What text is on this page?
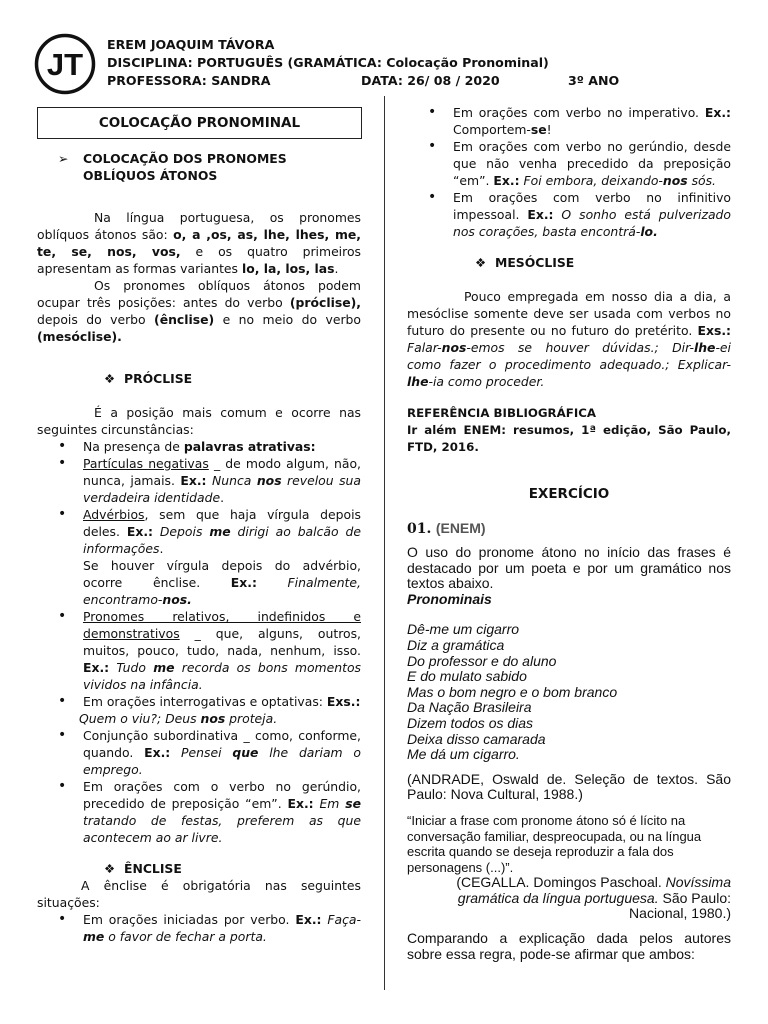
JT
EREM JOAQUIM TÁVORA
DISCIPLINA: PORTUGUÊS (GRAMÁTICA: Colocação Pronominal)
PROFESSORA: SANDRA	DATA: 26/ 08 / 2020	3º ANO
COLOCAÇÃO PRONOMINAL
➢ COLOCAÇÃO DOS PRONOMES OBLÍQUOS ÁTONOS

Na língua portuguesa, os pronomes oblíquos átonos são: o, a ,os, as, lhe, lhes, me, te, se, nos, vos, e os quatro primeiros apresentam as formas variantes lo, la, los, las.

Os pronomes oblíquos átonos podem ocupar três posições: antes do verbo (próclise), depois do verbo (ênclise) e no meio do verbo (mesóclise).

❖ PRÓCLISE

É a posição mais comum e ocorre nas seguintes circunstâncias:

• Na presença de palavras atrativas:
• Partículas negativas _ de modo algum, não, nunca, jamais. Ex.: Nunca nos revelou sua verdadeira identidade.
• Advérbios, sem que haja vírgula depois deles. Ex.: Depois me dirigi ao balcão de informações.

Se houver vírgula depois do advérbio, ocorre ênclise. Ex.: Finalmente, encontramo-nos.

• Pronomes relativos, indefinidos e demonstrativos _ que, alguns, outros, muitos, pouco, tudo, nada, nenhum, isso. Ex.: Tudo me recorda os bons momentos vividos na infância.
• Em orações interrogativas e optativas: Exs.:

Quem o viu?; Deus nos proteja.

• Conjunção subordinativa _ como, conforme, quando. Ex.: Pensei que lhe dariam o emprego.
• Em orações com o verbo no gerúndio, precedido de preposição “em”. Ex.: Em se tratando de festas, preferem as que acontecem ao ar livre.
❖ ÊNCLISE

A ênclise é obrigatória nas seguintes situações:

• Em orações iniciadas por verbo. Ex.: Faça-me o favor de fechar a porta.
• Em orações com verbo no imperativo. Ex.: Comportem-se!
• Em orações com verbo no gerúndio, desde que não venha precedido da preposição “em”. Ex.: Foi embora, deixando-nos sós.
• Em orações com verbo no infinitivo impessoal. Ex.: O sonho está pulverizado nos corações, basta encontrá-lo.
❖ MESÓCLISE

Pouco empregada em nosso dia a dia, a mesóclise somente deve ser usada com verbos no futuro do presente ou no futuro do pretérito. Exs.: Falar-nos-emos se houver dúvidas.; Dir-lhe-ei como fazer o procedimento adequado.; Explicar-lhe-ia como proceder.

REFERÊNCIA BIBLIOGRÁFICA

Ir além ENEM: resumos, 1ª edição, São Paulo, FTD, 2016.

EXERCÍCIO
01. (ENEM)

O uso do pronome átono no início das frases é destacado por um poeta e por um gramático nos textos abaixo.

Pronominais
Dê-me um cigarro
Diz a gramática
Do professor e do aluno
E do mulato sabido
Mas o bom negro e o bom branco
Da Nação Brasileira
Dizem todos os dias
Deixa disso camarada
Me dá um cigarro.

(ANDRADE, Oswald de. Seleção de textos. São Paulo: Nova Cultural, 1988.)

“Iniciar a frase com pronome átono só é lícito na conversação familiar, despreocupada, ou na língua escrita quando se deseja reproduzir a fala dos personagens (...)”.

(CEGALLA. Domingos Paschoal. Novíssima gramática da língua portuguesa. São Paulo: Nacional, 1980.)

Comparando a explicação dada pelos autores sobre essa regra, pode-se afirmar que ambos:
